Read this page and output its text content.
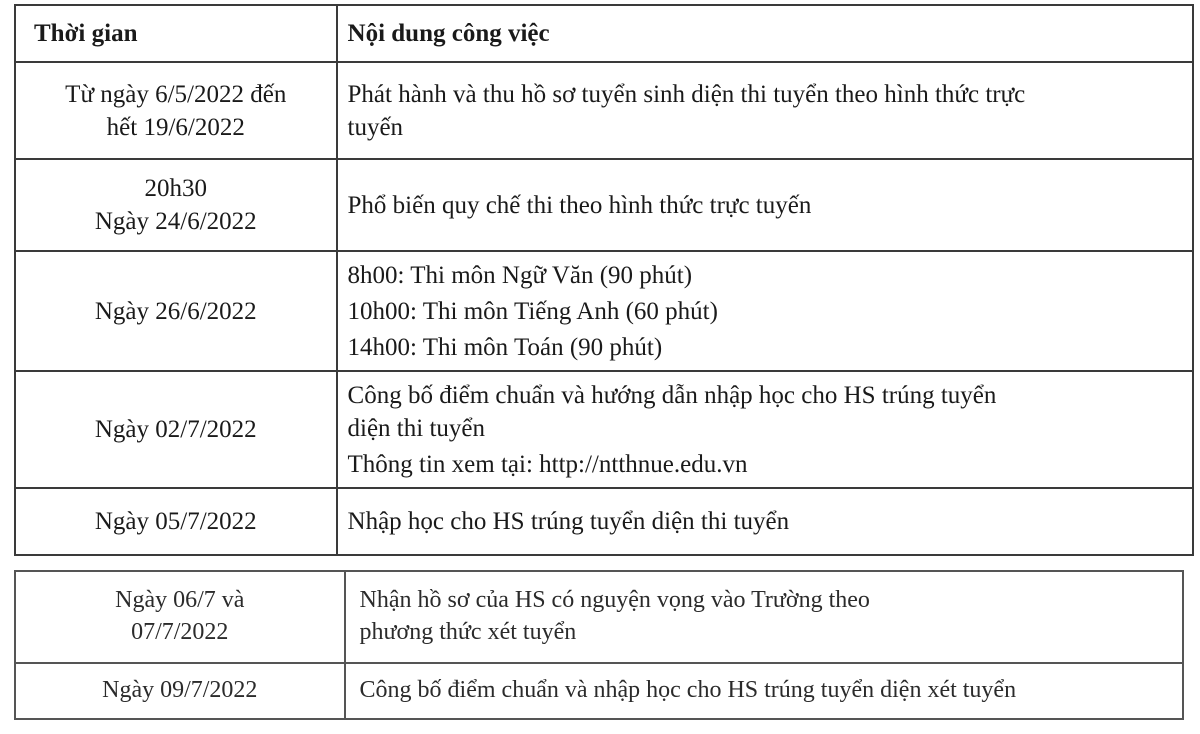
Thời gian	Nội dung công việc

Từ ngày 6/5/2022 đến
hết 19/6/2022	Phát hành và thu hồ sơ tuyển sinh diện thi tuyển theo hình thức trực
tuyến

20h30
Ngày 24/6/2022	Phổ biến quy chế thi theo hình thức trực tuyến

Ngày 26/6/2022	8h00: Thi môn Ngữ Văn (90 phút)
10h00: Thi môn Tiếng Anh (60 phút)
14h00: Thi môn Toán (90 phút)

Ngày 02/7/2022	Công bố điểm chuẩn và hướng dẫn nhập học cho HS trúng tuyển
diện thi tuyển
Thông tin xem tại: http://ntthnue.edu.vn

Ngày 05/7/2022	Nhập học cho HS trúng tuyển diện thi tuyển
Ngày 06/7 và
07/7/2022	Nhận hồ sơ của HS có nguyện vọng vào Trường theo
phương thức xét tuyển

Ngày 09/7/2022	Công bố điểm chuẩn và nhập học cho HS trúng tuyển diện xét tuyển
